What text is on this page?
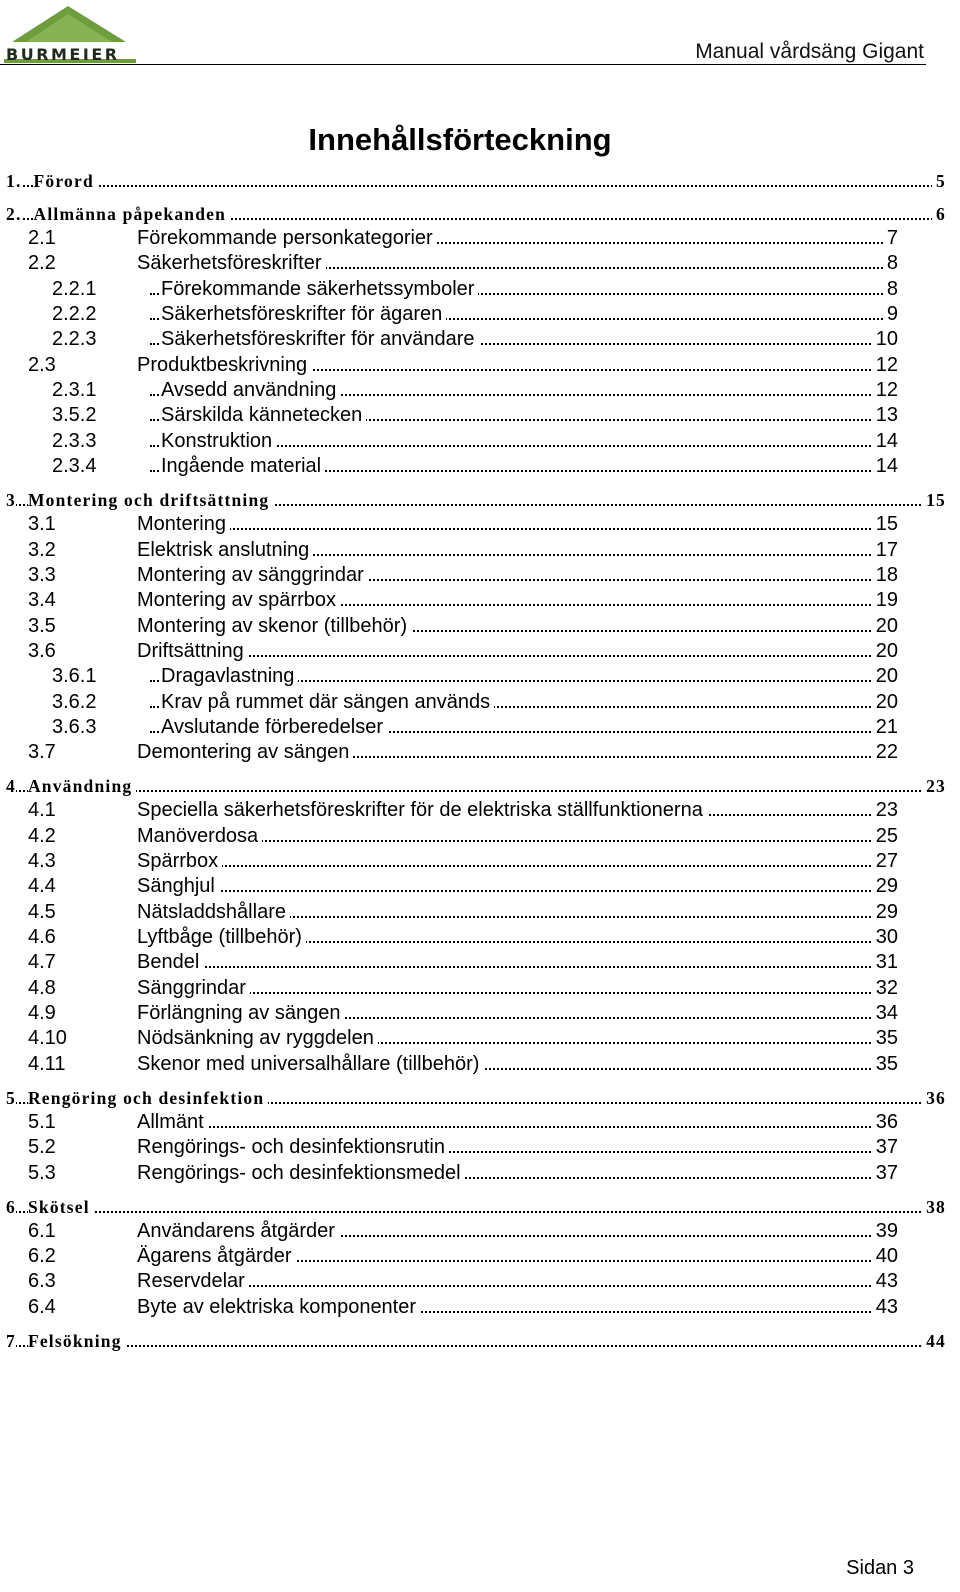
BURMEIER	Manual vårdsäng Gigant
Innehållsförteckning
1. Förord	5
2. Allmänna påpekanden	6
2.1	Förekommande personkategorier	7
2.2	Säkerhetsföreskrifter	8
2.2.1	Förekommande säkerhetssymboler	8
2.2.2	Säkerhetsföreskrifter för ägaren	9
2.2.3	Säkerhetsföreskrifter för användare	10
2.3	Produktbeskrivning	12
2.3.1	Avsedd användning	12
3.5.2	Särskilda kännetecken	13
2.3.3	Konstruktion	14
2.3.4	Ingående material	14
3 Montering och driftsättning	15
3.1	Montering	15
3.2	Elektrisk anslutning	17
3.3	Montering av sänggrindar	18
3.4	Montering av spärrbox	19
3.5	Montering av skenor (tillbehör)	20
3.6	Driftsättning	20
3.6.1	Dragavlastning	20
3.6.2	Krav på rummet där sängen används	20
3.6.3	Avslutande förberedelser	21
3.7	Demontering av sängen	22
4 Användning	23
4.1	Speciella säkerhetsföreskrifter för de elektriska ställfunktionerna	23
4.2	Manöverdosa	25
4.3	Spärrbox	27
4.4	Sänghjul	29
4.5	Nätsladdshållare	29
4.6	Lyftbåge (tillbehör)	30
4.7	Bendel	31
4.8	Sänggrindar	32
4.9	Förlängning av sängen	34
4.10	Nödsänkning av ryggdelen	35
4.11	Skenor med universalhållare (tillbehör)	35
5 Rengöring och desinfektion	36
5.1	Allmänt	36
5.2	Rengörings- och desinfektionsrutin	37
5.3	Rengörings- och desinfektionsmedel	37
6 Skötsel	38
6.1	Användarens åtgärder	39
6.2	Ägarens åtgärder	40
6.3	Reservdelar	43
6.4	Byte av elektriska komponenter	43
7 Felsökning	44
Sidan 3
